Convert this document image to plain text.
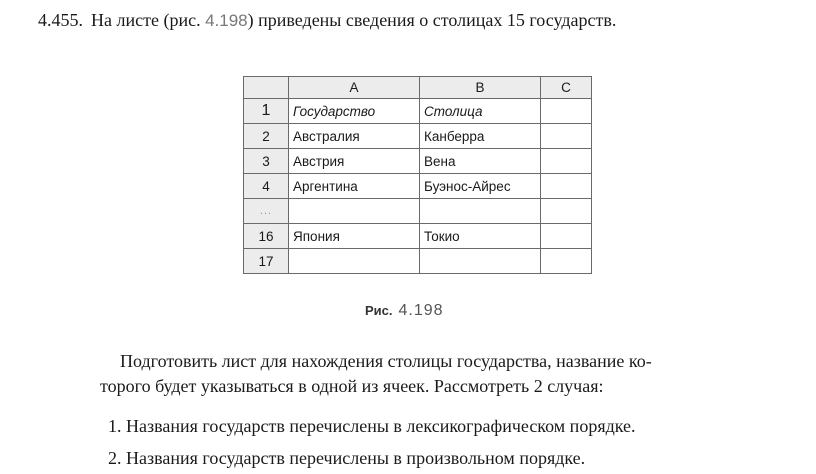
4.455. На листе (рис. 4.198) приведены сведения о столицах 15 государств.
	A	B	C
1	Государство	Столица	
2	Австралия	Канберра	
3	Австрия	Вена	
4	Аргентина	Буэнос-Айрес	
...			
16	Япония	Токио	
17			
Рис. 4.198

Подготовить лист для нахождения столицы государства, название ко-

торого будет указываться в одной из ячеек. Рассмотреть 2 случая:

1. Названия государств перечислены в лексикографическом порядке.
2. Названия государств перечислены в произвольном порядке.
